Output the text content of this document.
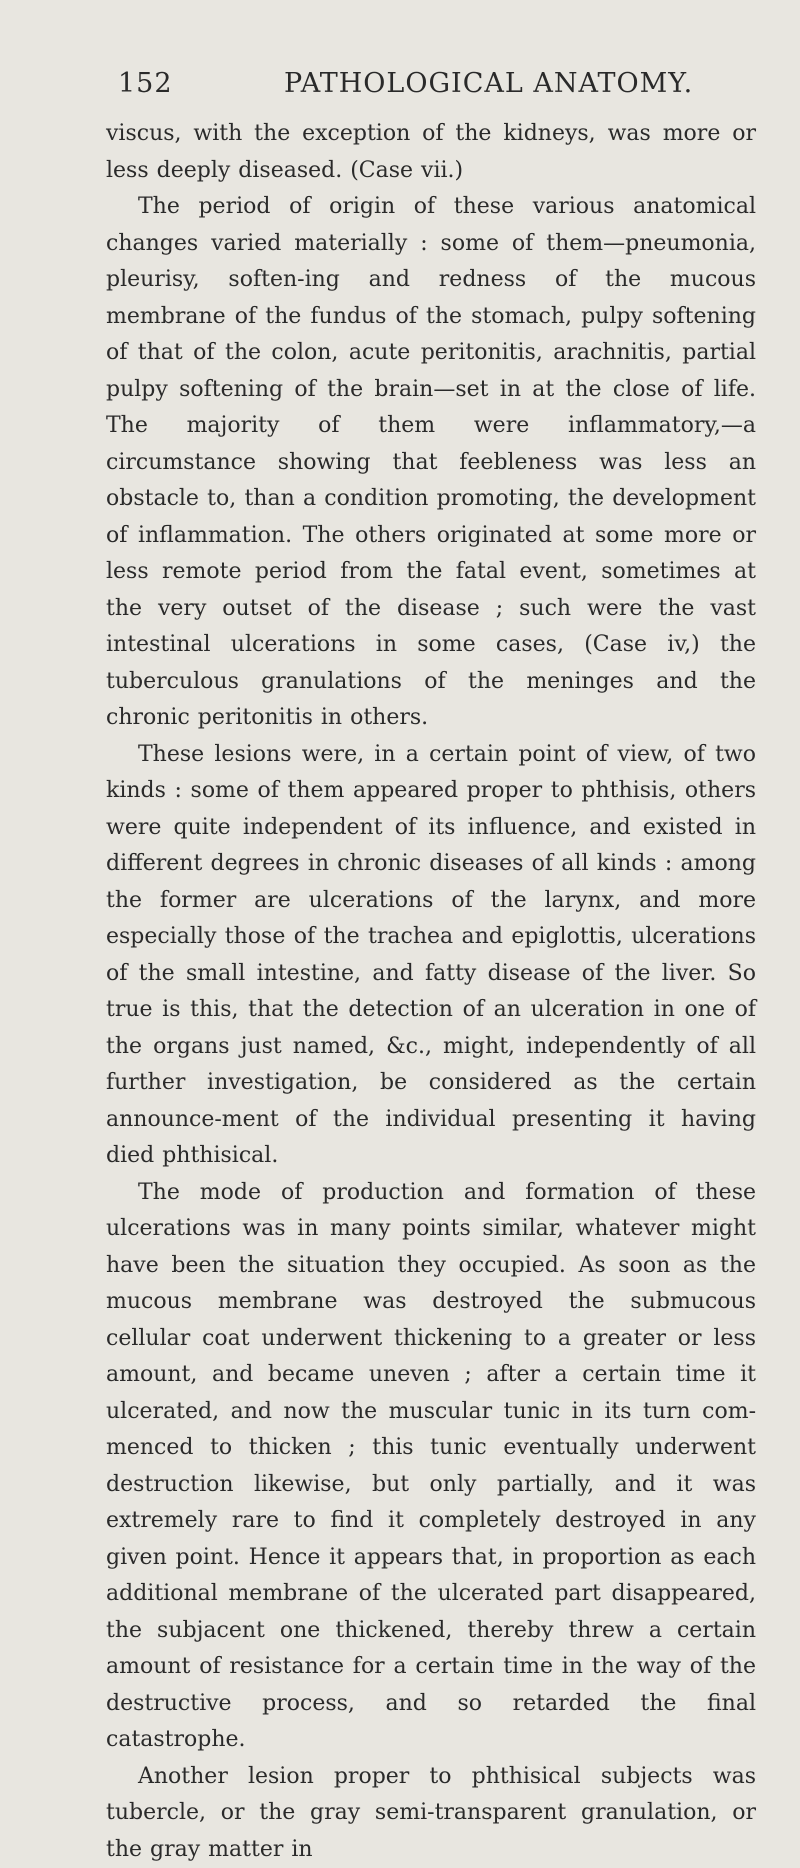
152	PATHOLOGICAL ANATOMY.

viscus, with the exception of the kidneys, was more or less deeply diseased. (Case vii.)

The period of origin of these various anatomical changes varied materially : some of them—pneumonia, pleurisy, soften-ing and redness of the mucous membrane of the fundus of the stomach, pulpy softening of that of the colon, acute peritonitis, arachnitis, partial pulpy softening of the brain—set in at the close of life. The majority of them were inflammatory,—a circumstance showing that feebleness was less an obstacle to, than a condition promoting, the development of inflammation. The others originated at some more or less remote period from the fatal event, sometimes at the very outset of the disease ; such were the vast intestinal ulcerations in some cases, (Case iv,) the tuberculous granulations of the meninges and the chronic peritonitis in others.

These lesions were, in a certain point of view, of two kinds : some of them appeared proper to phthisis, others were quite independent of its influence, and existed in different degrees in chronic diseases of all kinds : among the former are ulcerations of the larynx, and more especially those of the trachea and epiglottis, ulcerations of the small intestine, and fatty disease of the liver. So true is this, that the detection of an ulceration in one of the organs just named, &c., might, independently of all further investigation, be considered as the certain announce-ment of the individual presenting it having died phthisical.

The mode of production and formation of these ulcerations was in many points similar, whatever might have been the situation they occupied. As soon as the mucous membrane was destroyed the submucous cellular coat underwent thickening to a greater or less amount, and became uneven ; after a certain time it ulcerated, and now the muscular tunic in its turn com-menced to thicken ; this tunic eventually underwent destruction likewise, but only partially, and it was extremely rare to find it completely destroyed in any given point. Hence it appears that, in proportion as each additional membrane of the ulcerated part disappeared, the subjacent one thickened, thereby threw a certain amount of resistance for a certain time in the way of the destructive process, and so retarded the final catastrophe.

Another lesion proper to phthisical subjects was tubercle, or the gray semi-transparent granulation, or the gray matter in
